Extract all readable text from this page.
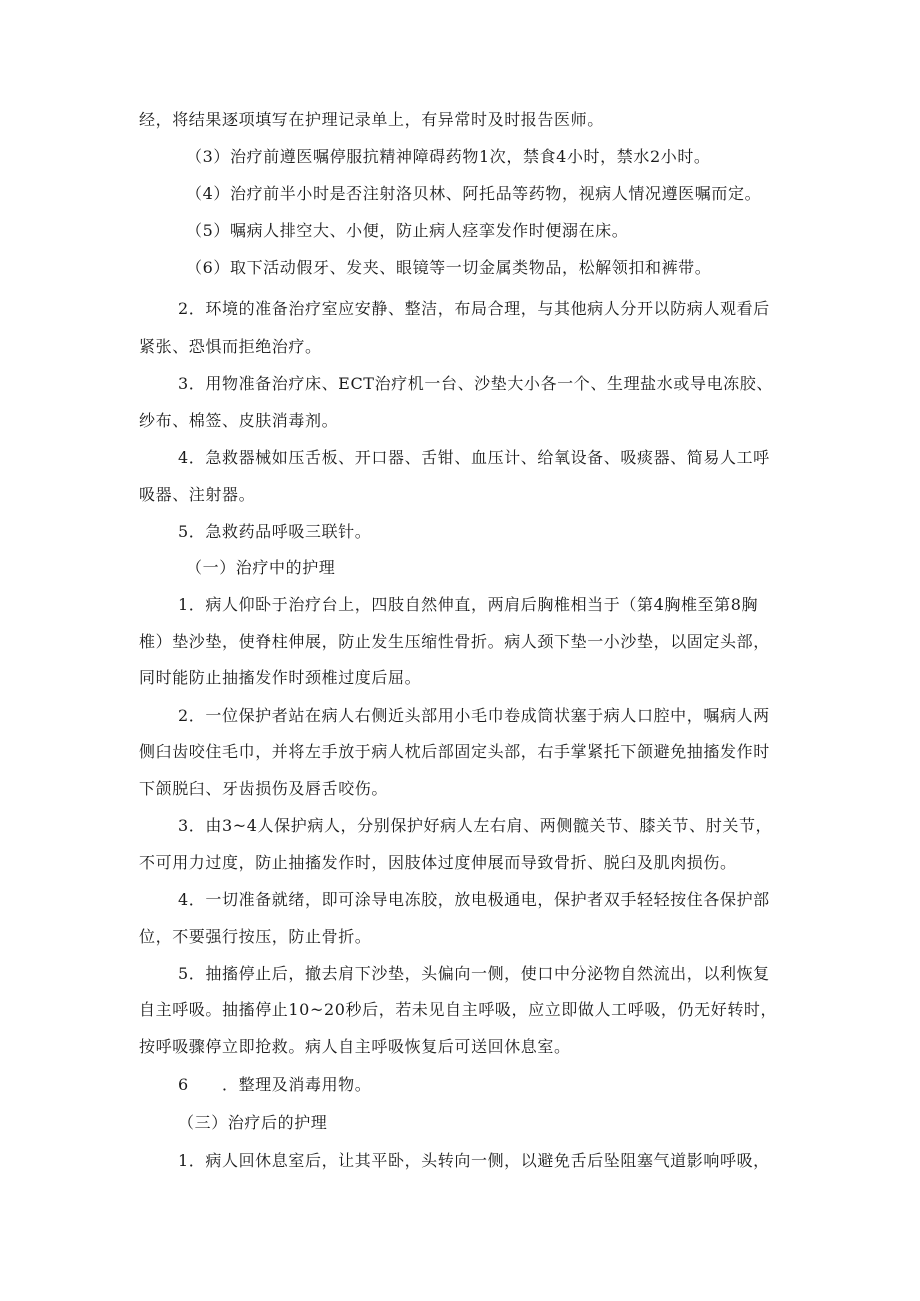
经，将结果逐项填写在护理记录单上，有异常时及时报告医师。

（3）治疗前遵医嘱停服抗精神障碍药物1次，禁食4小时，禁水2小时。

（4）治疗前半小时是否注射洛贝林、阿托品等药物，视病人情况遵医嘱而定。

（5）嘱病人排空大、小便，防止病人痉挛发作时便溺在床。

（6）取下活动假牙、发夹、眼镜等一切金属类物品，松解领扣和裤带。

2．环境的准备治疗室应安静、整洁，布局合理，与其他病人分开以防病人观看后

紧张、恐惧而拒绝治疗。

3．用物准备治疗床、ECT治疗机一台、沙垫大小各一个、生理盐水或导电冻胶、

纱布、棉签、皮肤消毒剂。

4．急救器械如压舌板、开口器、舌钳、血压计、给氧设备、吸痰器、简易人工呼

吸器、注射器。

5．急救药品呼吸三联针。

（一）治疗中的护理

1．病人仰卧于治疗台上，四肢自然伸直，两肩后胸椎相当于（第4胸椎至第8胸

椎）垫沙垫，使脊柱伸展，防止发生压缩性骨折。病人颈下垫一小沙垫，以固定头部，

同时能防止抽搐发作时颈椎过度后屈。

2．一位保护者站在病人右侧近头部用小毛巾卷成筒状塞于病人口腔中，嘱病人两

侧臼齿咬住毛巾，并将左手放于病人枕后部固定头部，右手掌紧托下颌避免抽搐发作时

下颌脱臼、牙齿损伤及唇舌咬伤。

3．由3~4人保护病人，分别保护好病人左右肩、两侧髋关节、膝关节、肘关节，

不可用力过度，防止抽搐发作时，因肢体过度伸展而导致骨折、脱臼及肌肉损伤。

4．一切准备就绪，即可涂导电冻胶，放电极通电，保护者双手轻轻按住各保护部

位，不要强行按压，防止骨折。

5．抽搐停止后，撤去肩下沙垫，头偏向一侧，使口中分泌物自然流出，以利恢复

自主呼吸。抽搐停止10~20秒后，若未见自主呼吸，应立即做人工呼吸，仍无好转时，

按呼吸骤停立即抢救。病人自主呼吸恢复后可送回休息室。

6　　．整理及消毒用物。

（三）治疗后的护理

1．病人回休息室后，让其平卧，头转向一侧，以避免舌后坠阻塞气道影响呼吸，
